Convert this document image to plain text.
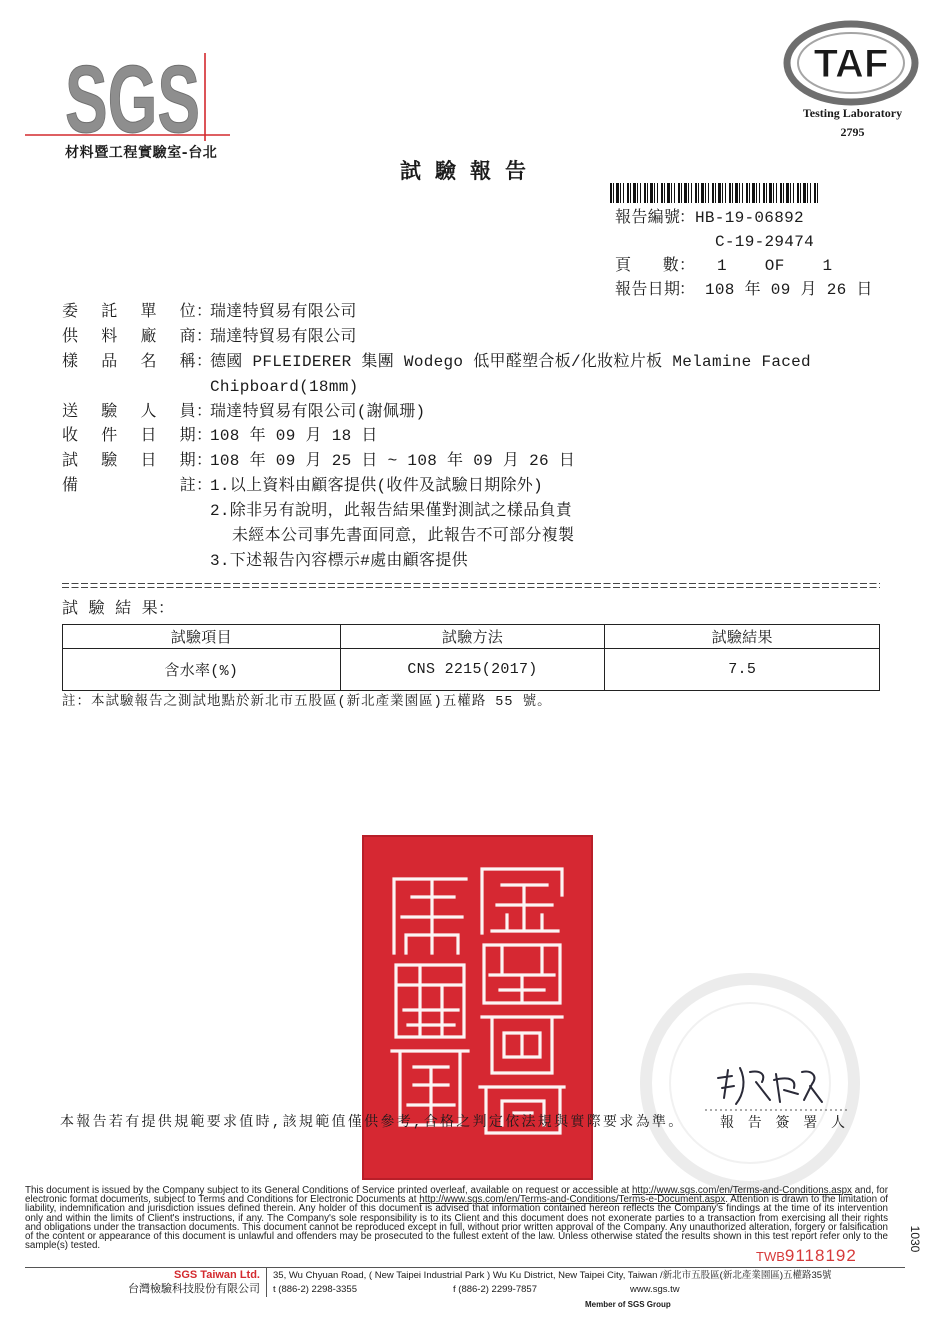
SGS
材料暨工程實驗室-台北
TAF
Testing Laboratory
2795
試驗報告
報 告 編 號
： HB-19-06892
C-19-29474
頁 數 ： 1 OF 1
報 告 日 期
： 108 年 09 月 26 日
委 託 單 位 ：
瑞達特貿易有限公司
供 料 廠 商 ：
瑞達特貿易有限公司
樣 品 名 稱 ：
德國 PFLEIDERER 集團 Wodego 低甲醛塑合板/化妝粒片板 Melamine Faced
Chipboard(18mm)
送 驗 人 員 ：
瑞達特貿易有限公司(謝佩珊)
收 件 日 期 ：
108 年 09 月 18 日
試 驗 日 期 ：
108 年 09 月 25 日 ~ 108 年 09 月 26 日
備	註 ：
1.以上資料由顧客提供(收件及試驗日期除外)
2.除非另有說明，此報告結果僅對測試之樣品負責
未經本公司事先書面同意，此報告不可部分複製
3.下述報告內容標示#處由顧客提供
試 驗 結 果 ：
試驗項目	試驗方法	試驗結果
含水率(%)	CNS 2215(2017)	7.5
註：本試驗報告之測試地點於新北市五股區(新北產業園區)五權路 55 號。
本報告若有提供規範要求值時,該規範值僅供參考,合格之判定依法規與實際要求為準。	報 告 簽 署 人
This document is issued by the Company subject to its General Conditions of Service printed overleaf, available on request or accessible at http://www.sgs.com/en/Terms-and-Conditions.aspx and, for electronic format documents, subject to Terms and Conditions for Electronic Documents at http://www.sgs.com/en/Terms-and-Conditions/Terms-e-Document.aspx. Attention is drawn to the limitation of liability, indemnification and jurisdiction issues defined therein. Any holder of this document is advised that information contained hereon reflects the Company's findings at the time of its intervention only and within the limits of Client's instructions, if any. The Company's sole responsibility is to its Client and this document does not exonerate parties to a transaction from exercising all their rights and obligations under the transaction documents. This document cannot be reproduced except in full, without prior written approval of the Company. Any unauthorized alteration, forgery or falsification of the content or appearance of this document is unlawful and offenders may be prosecuted to the fullest extent of the law. Unless otherwise stated the results shown in this test report refer only to the sample(s) tested.
TWB9118192
1030
SGS Taiwan Ltd.
台灣檢驗科技股份有限公司
35, Wu Chyuan Road, ( New Taipei Industrial Park ) Wu Ku District, New Taipei City, Taiwan /新北市五股區(新北產業園區)五權路35號
t (886-2) 2298-3355	f (886-2) 2299-7857	www.sgs.tw
Member of SGS Group
